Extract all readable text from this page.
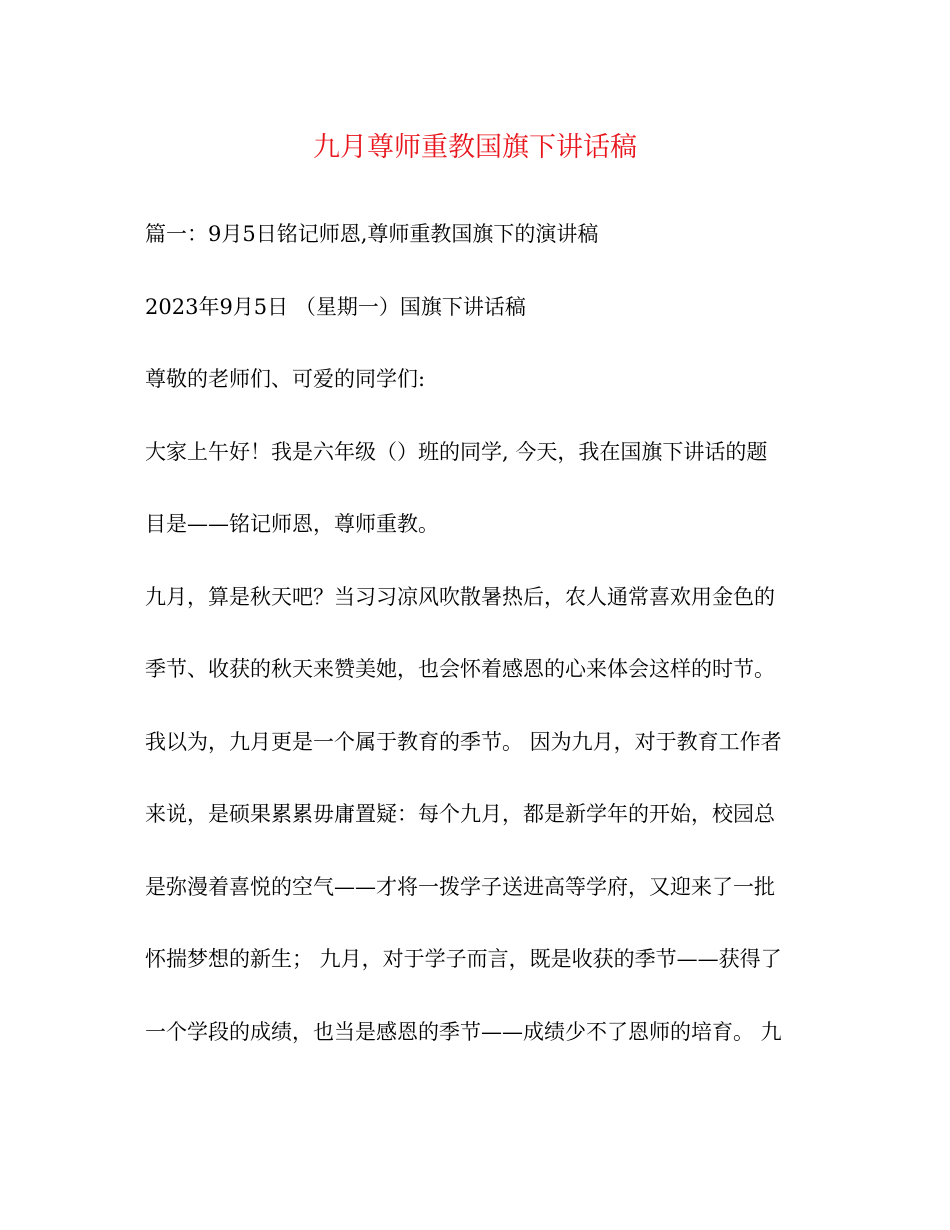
九月尊师重教国旗下讲话稿
篇一：9月5日铭记师恩,尊师重教国旗下的演讲稿
2023年9月5日 （星期一）国旗下讲话稿
尊敬的老师们、可爱的同学们:
大家上午好！我是六年级（）班的同学, 今天，我在国旗下讲话的题
目是——铭记师恩，尊师重教。
九月，算是秋天吧？当习习凉风吹散暑热后，农人通常喜欢用金色的
季节、收获的秋天来赞美她，也会怀着感恩的心来体会这样的时节。
我以为，九月更是一个属于教育的季节。 因为九月，对于教育工作者
来说，是硕果累累毋庸置疑：每个九月，都是新学年的开始，校园总
是弥漫着喜悦的空气——才将一拨学子送进高等学府，又迎来了一批
怀揣梦想的新生； 九月，对于学子而言，既是收获的季节——获得了
一个学段的成绩，也当是感恩的季节——成绩少不了恩师的培育。 九
